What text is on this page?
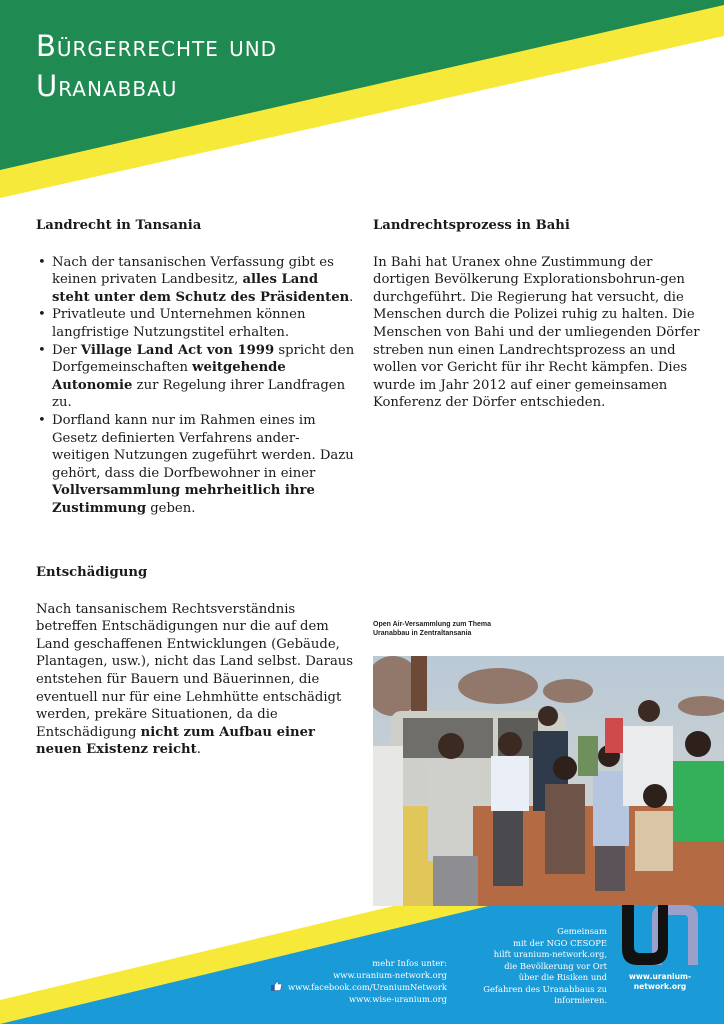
Bürgerrechte und
Uranabbau
Landrecht in Tansania
• Nach der tansanischen Verfassung gibt es keinen privaten Landbesitz, alles Land steht unter dem Schutz des Präsidenten.
• Privatleute und Unternehmen können langfristige Nutzungstitel erhalten.
• Der Village Land Act von 1999 spricht den Dorfgemeinschaften weitgehende Autonomie zur Regelung ihrer Landfragen zu.
• Dorfland kann nur im Rahmen eines im Gesetz definierten Verfahrens ander-weitigen Nutzungen zugeführt werden. Dazu gehört, dass die Dorfbewohner in einer Vollversammlung mehrheitlich ihre Zustimmung geben.
Landrechtsprozess in Bahi

In Bahi hat Uranex ohne Zustimmung der dortigen Bevölkerung Explorationsbohrun-gen durchgeführt. Die Regierung hat versucht, die Menschen durch die Polizei ruhig zu halten. Die Menschen von Bahi und der umliegenden Dörfer streben nun einen Landrechtsprozess an und wollen vor Gericht für ihr Recht kämpfen. Dies wurde im Jahr 2012 auf einer gemeinsamen Konferenz der Dörfer entschieden.

Entschädigung

Nach tansanischem Rechtsverständnis betreffen Entschädigungen nur die auf dem Land geschaffenen Entwicklungen (Gebäude, Plantagen, usw.), nicht das Land selbst. Daraus entstehen für Bauern und Bäuerinnen, die eventuell nur für eine Lehmhütte entschädigt werden, prekäre Situationen, da die Entschädigung nicht zum Aufbau einer neuen Existenz reicht.

Open Air-Versammlung zum Thema
Uranabbau in Zentraltansania
mehr Infos unter:
www.uranium-network.org
www.facebook.com/UraniumNetwork
www.wise-uranium.org
Gemeinsam
mit der NGO CESOPE
hilft uranium-network.org,
die Bevölkerung vor Ort
über die Risiken und
Gefahren des Uranabbaus zu
informieren.
www.uranium-
network.org
